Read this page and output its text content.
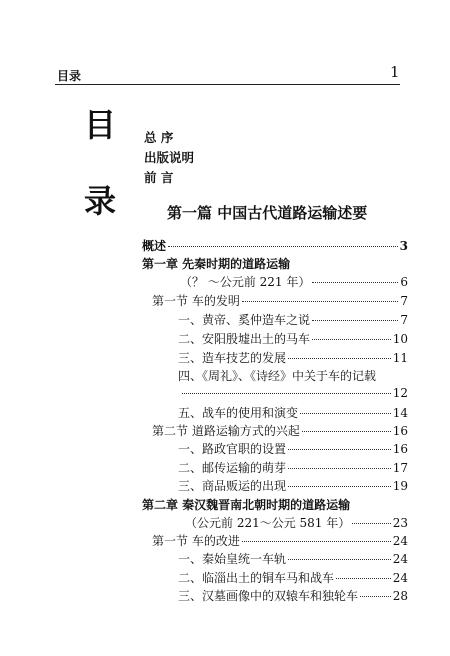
目录	1
目
录
总 序
出版说明
前 言
第一篇 中国古代道路运输述要
概述	3
第一章 先秦时期的道路运输
（？ ～公元前 221 年）	6
第一节 车的发明	7
一、黄帝、奚仲造车之说	7
二、安阳殷墟出土的马车	10
三、造车技艺的发展	11
四、《周礼》、《诗经》中关于车的记载
12
五、战车的使用和演变	14
第二节 道路运输方式的兴起	16
一、路政官职的设置	16
二、邮传运输的萌芽	17
三、商品贩运的出现	19
第二章 秦汉魏晋南北朝时期的道路运输
（公元前 221～公元 581 年）	23
第一节 车的改进	24
一、秦始皇统一车轨	24
二、临淄出土的铜车马和战车	24
三、汉墓画像中的双辕车和独轮车	28
